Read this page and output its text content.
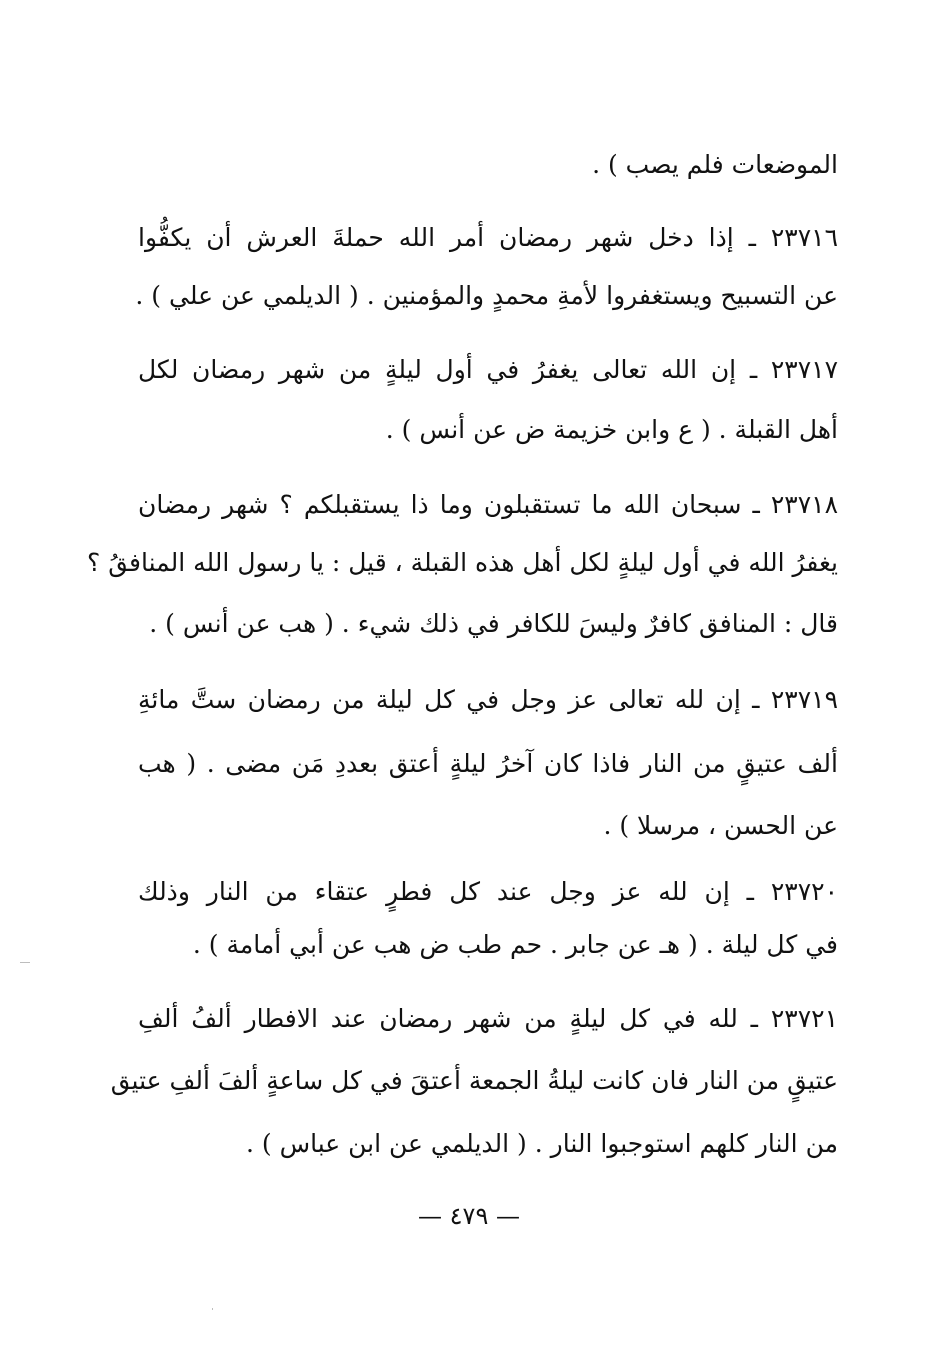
الموضعات فلم يصب ) .
٢٣٧١٦ ـ إذا دخل شهر رمضان أمر الله حملةَ العرش أن يكفُّوا
عن التسبيح ويستغفروا لأمةِ محمدٍ والمؤمنين . ( الديلمي عن علي ) .
٢٣٧١٧ ـ إن الله تعالى يغفرُ في أول ليلةٍ من شهر رمضان لكل
أهل القبلة . ( ع وابن خزيمة ض عن أنس ) .
٢٣٧١٨ ـ سبحان الله ما تستقبلون وما ذا يستقبلكم ؟ شهر رمضان
يغفرُ الله في أول ليلةٍ لكل أهل هذه القبلة ، قيل : يا رسول الله المنافقُ ؟
قال : المنافق كافرٌ وليسَ للكافر في ذلك شيء . ( هب عن أنس ) .
٢٣٧١٩ ـ إن لله تعالى عز وجل في كل ليلة من رمضان ستَّ مائةِ
ألف عتيقٍ من النار فاذا كان آخرُ ليلةٍ أعتق بعددِ مَن مضى . ( هب
عن الحسن ، مرسلا ) .
٢٣٧٢٠ ـ إن لله عز وجل عند كل فطرٍ عتقاء من النار وذلك
في كل ليلة . ( هـ عن جابر . حم طب ض هب عن أبي أمامة ) .
٢٣٧٢١ ـ لله في كل ليلةٍ من شهر رمضان عند الافطار ألفُ ألفِ
عتيقٍ من النار فان كانت ليلةُ الجمعة أعتقَ في كل ساعةٍ ألفَ ألفِ عتيق
من النار كلهم استوجبوا النار . ( الديلمي عن ابن عباس ) .
— ٤٧٩ —
